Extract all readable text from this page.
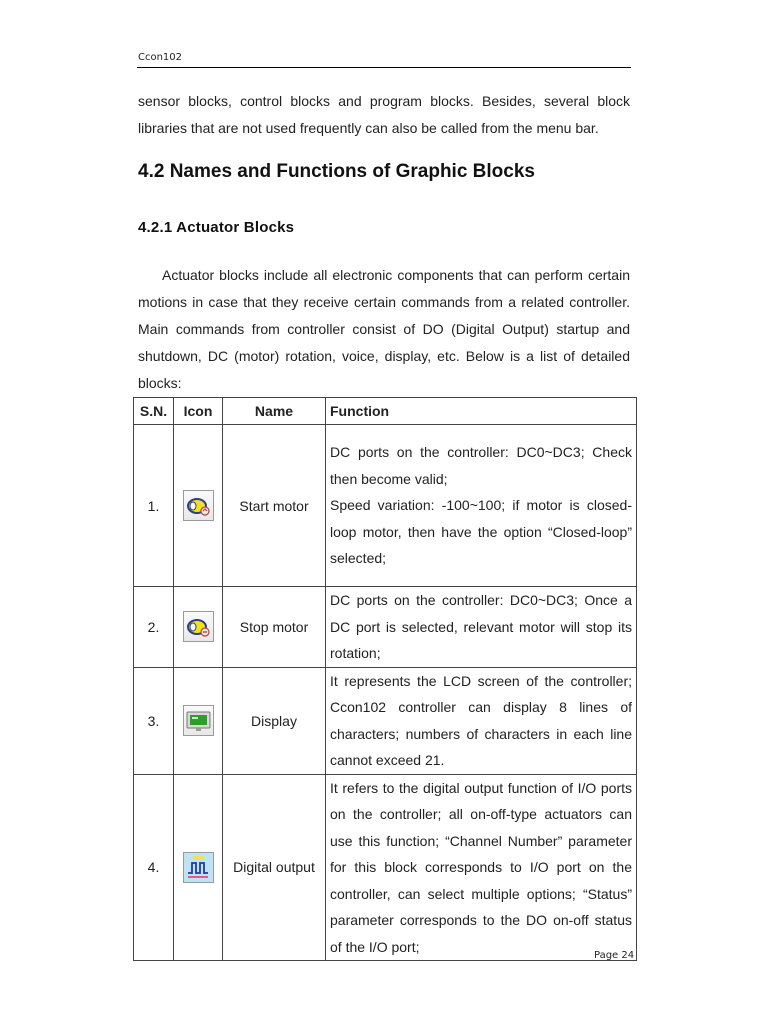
Ccon102

sensor blocks, control blocks and program blocks. Besides, several block libraries that are not used frequently can also be called from the menu bar.

4.2 Names and Functions of Graphic Blocks
4.2.1 Actuator Blocks

Actuator blocks include all electronic components that can perform certain motions in case that they receive certain commands from a related controller. Main commands from controller consist of DO (Digital Output) startup and shutdown, DC (motor) rotation, voice, display, etc. Below is a list of detailed blocks:

S.N.	Icon	Name	Function
1.		Start motor	DC ports on the controller: DC0~DC3; Check then become valid;
Speed variation: -100~100; if motor is closed-loop motor, then have the option “Closed-loop” selected;

2.		Stop motor	DC ports on the controller: DC0~DC3; Once a DC port is selected, relevant motor will stop its rotation;

3.		Display	It represents the LCD screen of the controller; Ccon102 controller can display 8 lines of characters; numbers of characters in each line cannot exceed 21.

4.		Digital output	It refers to the digital output function of I/O ports on the controller; all on-off-type actuators can use this function; “Channel Number” parameter for this block corresponds to I/O port on the controller, can select multiple options; “Status” parameter corresponds to the DO on-off status of the I/O port;
Page 24
